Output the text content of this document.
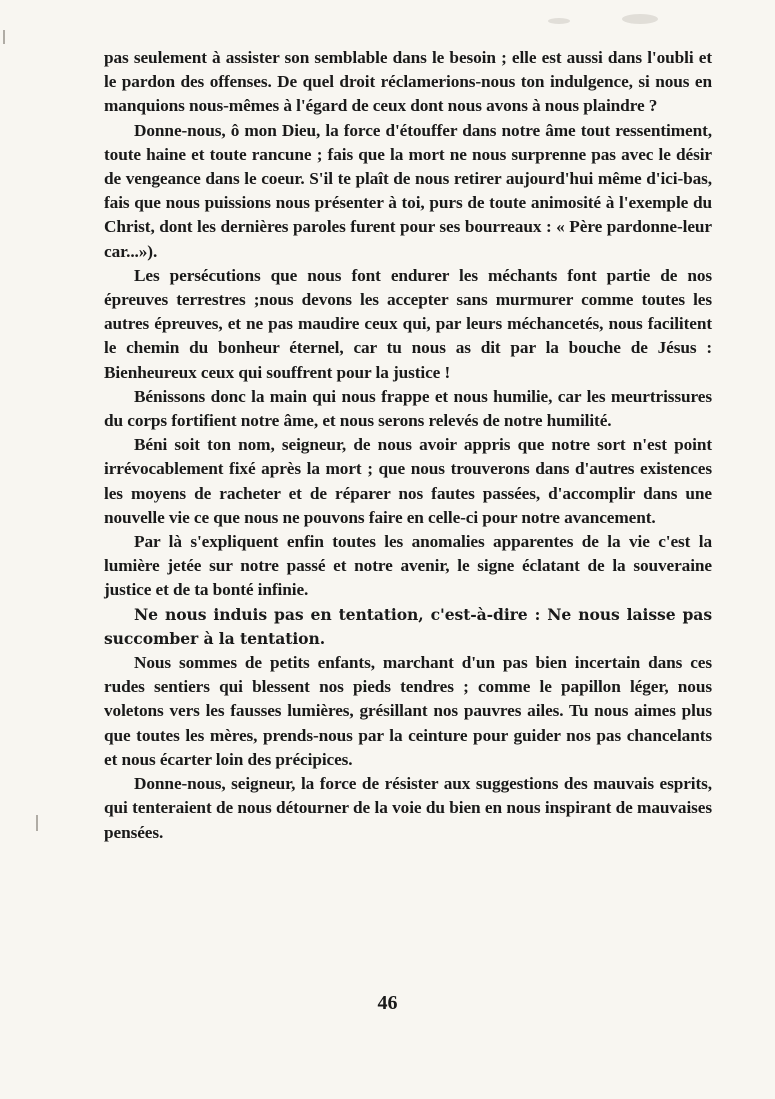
pas seulement à assister son semblable dans le besoin ; elle est aussi dans l'oubli et le pardon des offenses. De quel droit réclamerions-nous ton indulgence, si nous en manquions nous-mêmes à l'égard de ceux dont nous avons à nous plaindre ?

Donne-nous, ô mon Dieu, la force d'étouffer dans notre âme tout ressentiment, toute haine et toute rancune ; fais que la mort ne nous surprenne pas avec le désir de vengeance dans le coeur. S'il te plaît de nous retirer aujourd'hui même d'ici-bas, fais que nous puissions nous présenter à toi, purs de toute animosité à l'exemple du Christ, dont les dernières paroles furent pour ses bourreaux : « Père pardonne-leur car...»).

Les persécutions que nous font endurer les méchants font partie de nos épreuves terrestres ;nous devons les accepter sans murmurer comme toutes les autres épreuves, et ne pas maudire ceux qui, par leurs méchancetés, nous facilitent le chemin du bonheur éternel, car tu nous as dit par la bouche de Jésus : Bienheureux ceux qui souffrent pour la justice !

Bénissons donc la main qui nous frappe et nous humilie, car les meurtrissures du corps fortifient notre âme, et nous serons relevés de notre humilité.

Béni soit ton nom, seigneur, de nous avoir appris que notre sort n'est point irrévocablement fixé après la mort ; que nous trouverons dans d'autres existences les moyens de racheter et de réparer nos fautes passées, d'accomplir dans une nouvelle vie ce que nous ne pouvons faire en celle-ci pour notre avancement.

Par là s'expliquent enfin toutes les anomalies apparentes de la vie c'est la lumière jetée sur notre passé et notre avenir, le signe éclatant de la souveraine justice et de ta bonté infinie.

Ne nous induis pas en tentation, c'est-à-dire : Ne nous laisse pas succomber à la tentation.

Nous sommes de petits enfants, marchant d'un pas bien incertain dans ces rudes sentiers qui blessent nos pieds tendres ; comme le papillon léger, nous voletons vers les fausses lumières, grésillant nos pauvres ailes. Tu nous aimes plus que toutes les mères, prends-nous par la ceinture pour guider nos pas chancelants et nous écarter loin des précipices.

Donne-nous, seigneur, la force de résister aux suggestions des mauvais esprits, qui tenteraient de nous détourner de la voie du bien en nous inspirant de mauvaises pensées.

46
